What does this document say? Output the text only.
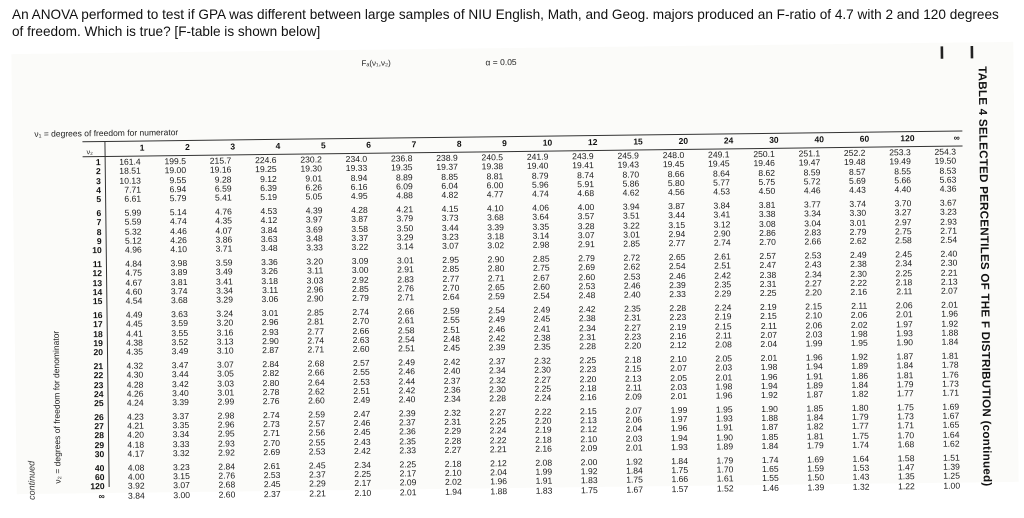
An ANOVA performed to test if GPA was different between large samples of NIU English, Math, and Geog. majors produced an F-ratio of 4.7 with 2 and 120 degrees of freedom. Which is true? [F-table is shown below]
I I
TABLE 4 SELECTED PERCENTILES OF THE F DISTRIBUTION (continued)
continued
Fₐ(ν₁,ν₂)	α = 0.05
ν₁ = degrees of freedom for numerator
ν₂ = degrees of freedom for denominator
ν₂
1	2	3	4	5	6	7	8	9	10	12	15	20	24	30	40	60	120	∞
1	161.4	199.5	215.7	224.6	230.2	234.0	236.8	238.9	240.5	241.9	243.9	245.9	248.0	249.1	250.1	251.1	252.2	253.3	254.3
2	18.51	19.00	19.16	19.25	19.30	19.33	19.35	19.37	19.38	19.40	19.41	19.43	19.45	19.45	19.46	19.47	19.48	19.49	19.50
3	10.13	9.55	9.28	9.12	9.01	8.94	8.89	8.85	8.81	8.79	8.74	8.70	8.66	8.64	8.62	8.59	8.57	8.55	8.53
4	7.71	6.94	6.59	6.39	6.26	6.16	6.09	6.04	6.00	5.96	5.91	5.86	5.80	5.77	5.75	5.72	5.69	5.66	5.63
5	6.61	5.79	5.41	5.19	5.05	4.95	4.88	4.82	4.77	4.74	4.68	4.62	4.56	4.53	4.50	4.46	4.43	4.40	4.36
6	5.99	5.14	4.76	4.53	4.39	4.28	4.21	4.15	4.10	4.06	4.00	3.94	3.87	3.84	3.81	3.77	3.74	3.70	3.67
7	5.59	4.74	4.35	4.12	3.97	3.87	3.79	3.73	3.68	3.64	3.57	3.51	3.44	3.41	3.38	3.34	3.30	3.27	3.23
8	5.32	4.46	4.07	3.84	3.69	3.58	3.50	3.44	3.39	3.35	3.28	3.22	3.15	3.12	3.08	3.04	3.01	2.97	2.93
9	5.12	4.26	3.86	3.63	3.48	3.37	3.29	3.23	3.18	3.14	3.07	3.01	2.94	2.90	2.86	2.83	2.79	2.75	2.71
10	4.96	4.10	3.71	3.48	3.33	3.22	3.14	3.07	3.02	2.98	2.91	2.85	2.77	2.74	2.70	2.66	2.62	2.58	2.54
11	4.84	3.98	3.59	3.36	3.20	3.09	3.01	2.95	2.90	2.85	2.79	2.72	2.65	2.61	2.57	2.53	2.49	2.45	2.40
12	4.75	3.89	3.49	3.26	3.11	3.00	2.91	2.85	2.80	2.75	2.69	2.62	2.54	2.51	2.47	2.43	2.38	2.34	2.30
13	4.67	3.81	3.41	3.18	3.03	2.92	2.83	2.77	2.71	2.67	2.60	2.53	2.46	2.42	2.38	2.34	2.30	2.25	2.21
14	4.60	3.74	3.34	3.11	2.96	2.85	2.76	2.70	2.65	2.60	2.53	2.46	2.39	2.35	2.31	2.27	2.22	2.18	2.13
15	4.54	3.68	3.29	3.06	2.90	2.79	2.71	2.64	2.59	2.54	2.48	2.40	2.33	2.29	2.25	2.20	2.16	2.11	2.07
16	4.49	3.63	3.24	3.01	2.85	2.74	2.66	2.59	2.54	2.49	2.42	2.35	2.28	2.24	2.19	2.15	2.11	2.06	2.01
17	4.45	3.59	3.20	2.96	2.81	2.70	2.61	2.55	2.49	2.45	2.38	2.31	2.23	2.19	2.15	2.10	2.06	2.01	1.96
18	4.41	3.55	3.16	2.93	2.77	2.66	2.58	2.51	2.46	2.41	2.34	2.27	2.19	2.15	2.11	2.06	2.02	1.97	1.92
19	4.38	3.52	3.13	2.90	2.74	2.63	2.54	2.48	2.42	2.38	2.31	2.23	2.16	2.11	2.07	2.03	1.98	1.93	1.88
20	4.35	3.49	3.10	2.87	2.71	2.60	2.51	2.45	2.39	2.35	2.28	2.20	2.12	2.08	2.04	1.99	1.95	1.90	1.84
21	4.32	3.47	3.07	2.84	2.68	2.57	2.49	2.42	2.37	2.32	2.25	2.18	2.10	2.05	2.01	1.96	1.92	1.87	1.81
22	4.30	3.44	3.05	2.82	2.66	2.55	2.46	2.40	2.34	2.30	2.23	2.15	2.07	2.03	1.98	1.94	1.89	1.84	1.78
23	4.28	3.42	3.03	2.80	2.64	2.53	2.44	2.37	2.32	2.27	2.20	2.13	2.05	2.01	1.96	1.91	1.86	1.81	1.76
24	4.26	3.40	3.01	2.78	2.62	2.51	2.42	2.36	2.30	2.25	2.18	2.11	2.03	1.98	1.94	1.89	1.84	1.79	1.73
25	4.24	3.39	2.99	2.76	2.60	2.49	2.40	2.34	2.28	2.24	2.16	2.09	2.01	1.96	1.92	1.87	1.82	1.77	1.71
26	4.23	3.37	2.98	2.74	2.59	2.47	2.39	2.32	2.27	2.22	2.15	2.07	1.99	1.95	1.90	1.85	1.80	1.75	1.69
27	4.21	3.35	2.96	2.73	2.57	2.46	2.37	2.31	2.25	2.20	2.13	2.06	1.97	1.93	1.88	1.84	1.79	1.73	1.67
28	4.20	3.34	2.95	2.71	2.56	2.45	2.36	2.29	2.24	2.19	2.12	2.04	1.96	1.91	1.87	1.82	1.77	1.71	1.65
29	4.18	3.33	2.93	2.70	2.55	2.43	2.35	2.28	2.22	2.18	2.10	2.03	1.94	1.90	1.85	1.81	1.75	1.70	1.64
30	4.17	3.32	2.92	2.69	2.53	2.42	2.33	2.27	2.21	2.16	2.09	2.01	1.93	1.89	1.84	1.79	1.74	1.68	1.62
40	4.08	3.23	2.84	2.61	2.45	2.34	2.25	2.18	2.12	2.08	2.00	1.92	1.84	1.79	1.74	1.69	1.64	1.58	1.51
60	4.00	3.15	2.76	2.53	2.37	2.25	2.17	2.10	2.04	1.99	1.92	1.84	1.75	1.70	1.65	1.59	1.53	1.47	1.39
120	3.92	3.07	2.68	2.45	2.29	2.17	2.09	2.02	1.96	1.91	1.83	1.75	1.66	1.61	1.55	1.50	1.43	1.35	1.25
∞	3.84	3.00	2.60	2.37	2.21	2.10	2.01	1.94	1.88	1.83	1.75	1.67	1.57	1.52	1.46	1.39	1.32	1.22	1.00
